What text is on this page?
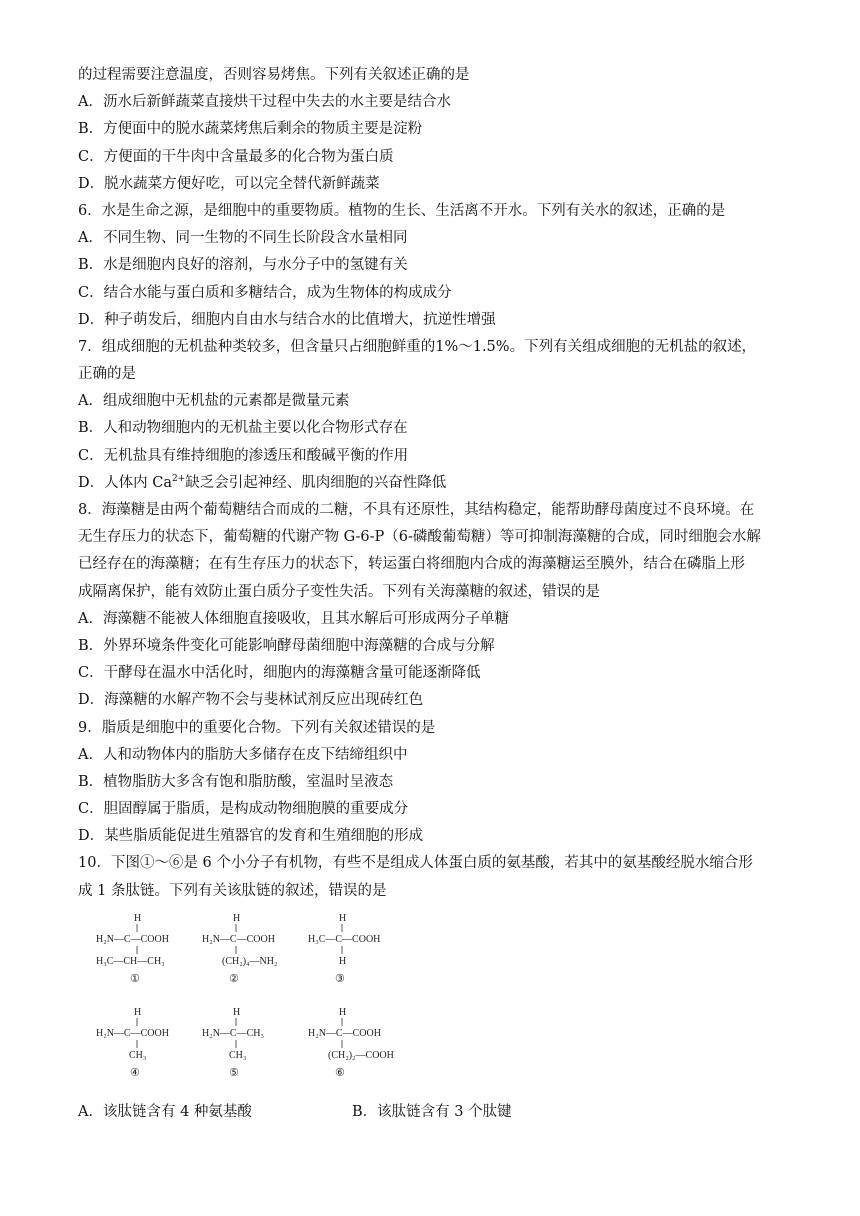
的过程需要注意温度，否则容易烤焦。下列有关叙述正确的是
A．沥水后新鲜蔬菜直接烘干过程中失去的水主要是结合水
B．方便面中的脱水蔬菜烤焦后剩余的物质主要是淀粉
C．方便面的干牛肉中含量最多的化合物为蛋白质
D．脱水蔬菜方便好吃，可以完全替代新鲜蔬菜
6．水是生命之源，是细胞中的重要物质。植物的生长、生活离不开水。下列有关水的叙述，正确的是
A．不同生物、同一生物的不同生长阶段含水量相同
B．水是细胞内良好的溶剂，与水分子中的氢键有关
C．结合水能与蛋白质和多糖结合，成为生物体的构成成分
D．种子萌发后，细胞内自由水与结合水的比值增大，抗逆性增强
7．组成细胞的无机盐种类较多，但含量只占细胞鲜重的1%～1.5%。下列有关组成细胞的无机盐的叙述，
正确的是
A．组成细胞中无机盐的元素都是微量元素
B．人和动物细胞内的无机盐主要以化合物形式存在
C．无机盐具有维持细胞的渗透压和酸碱平衡的作用
D．人体内 $Ca^{2+}$缺乏会引起神经、肌肉细胞的兴奋性降低
8．海藻糖是由两个葡萄糖结合而成的二糖，不具有还原性，其结构稳定，能帮助酵母菌度过不良环境。在
无生存压力的状态下，葡萄糖的代谢产物 G-6-P（6-磷酸葡萄糖）等可抑制海藻糖的合成，同时细胞会水解
已经存在的海藻糖；在有生存压力的状态下，转运蛋白将细胞内合成的海藻糖运至膜外，结合在磷脂上形
成隔离保护，能有效防止蛋白质分子变性失活。下列有关海藻糖的叙述，错误的是
A．海藻糖不能被人体细胞直接吸收，且其水解后可形成两分子单糖
B．外界环境条件变化可能影响酵母菌细胞中海藻糖的合成与分解
C．干酵母在温水中活化时，细胞内的海藻糖含量可能逐渐降低
D．海藻糖的水解产物不会与斐林试剂反应出现砖红色
9．脂质是细胞中的重要化合物。下列有关叙述错误的是
A．人和动物体内的脂肪大多储存在皮下结缔组织中
B．植物脂肪大多含有饱和脂肪酸，室温时呈液态
C．胆固醇属于脂质，是构成动物细胞膜的重要成分
D．某些脂质能促进生殖器官的发育和生殖细胞的形成
10．下图①～⑥是 6 个小分子有机物，有些不是组成人体蛋白质的氨基酸，若其中的氨基酸经脱水缩合形
成 1 条肽链。下列有关该肽链的叙述，错误的是
H
H₂N—C—COOH
H₃C—CH—CH₃
①
H
H₂N—C—COOH
(CH₂)₄—NH₂
②
H
H₃C—C—COOH
H
③
H
H₂N—C—COOH
CH₃
④
H
H₂N—C—CH₃
CH₃
⑤
H
H₂N—C—COOH
(CH₂)₂—COOH
⑥
A．该肽链含有 4 种氨基酸	B．该肽链含有 3 个肽键
